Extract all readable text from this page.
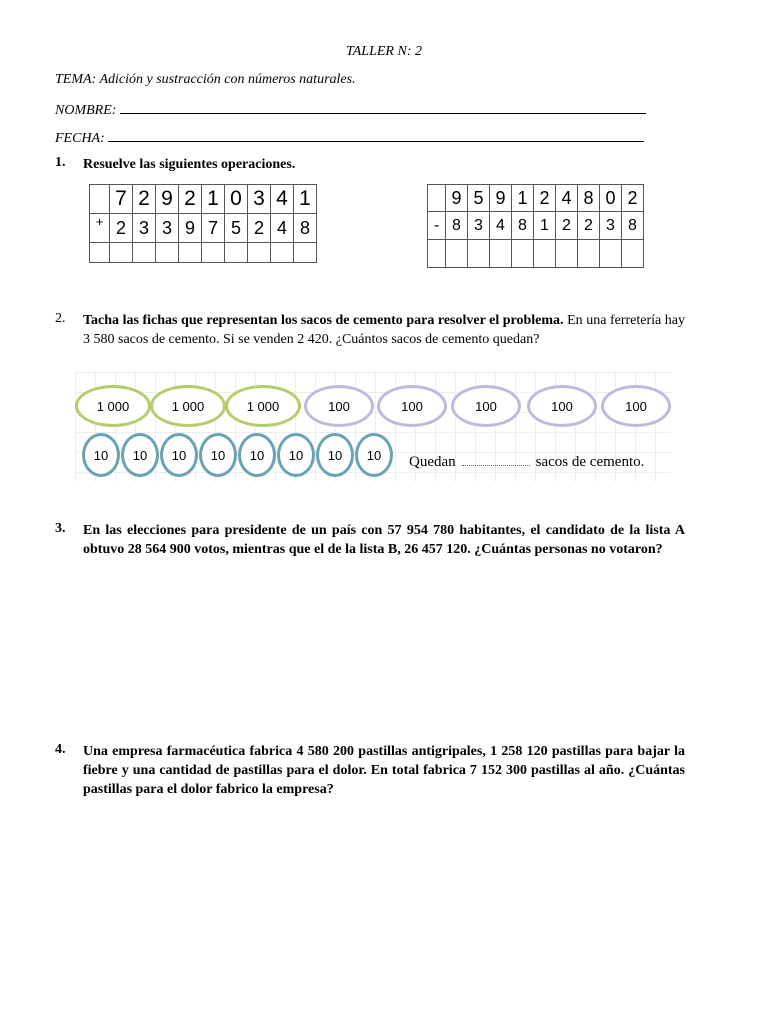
TALLER N: 2
TEMA: Adición y sustracción con números naturales.
NOMBRE:
FECHA:
1. Resuelve las siguientes operaciones.
	7	2	9	2	1	0	3	4	1
+	2	3	3	9	7	5	2	4	8

	9	5	9	1	2	4	8	0	2
-	8	3	4	8	1	2	2	3	8

2. Tacha las fichas que representan los sacos de cemento para resolver el problema. En una ferretería hay 3 580 sacos de cemento. Si se venden 2 420. ¿Cuántos sacos de cemento quedan?
1 000	1 000	1 000	100	100	100	100	100
10	10	10	10	10	10	10	10	Quedan	sacos de cemento.
3. En las elecciones para presidente de un país con 57 954 780 habitantes, el candidato de la lista A obtuvo 28 564 900 votos, mientras que el de la lista B, 26 457 120. ¿Cuántas personas no votaron?
4. Una empresa farmacéutica fabrica 4 580 200 pastillas antigripales, 1 258 120 pastillas para bajar la fiebre y una cantidad de pastillas para el dolor. En total fabrica 7 152 300 pastillas al año. ¿Cuántas pastillas para el dolor fabrico la empresa?
